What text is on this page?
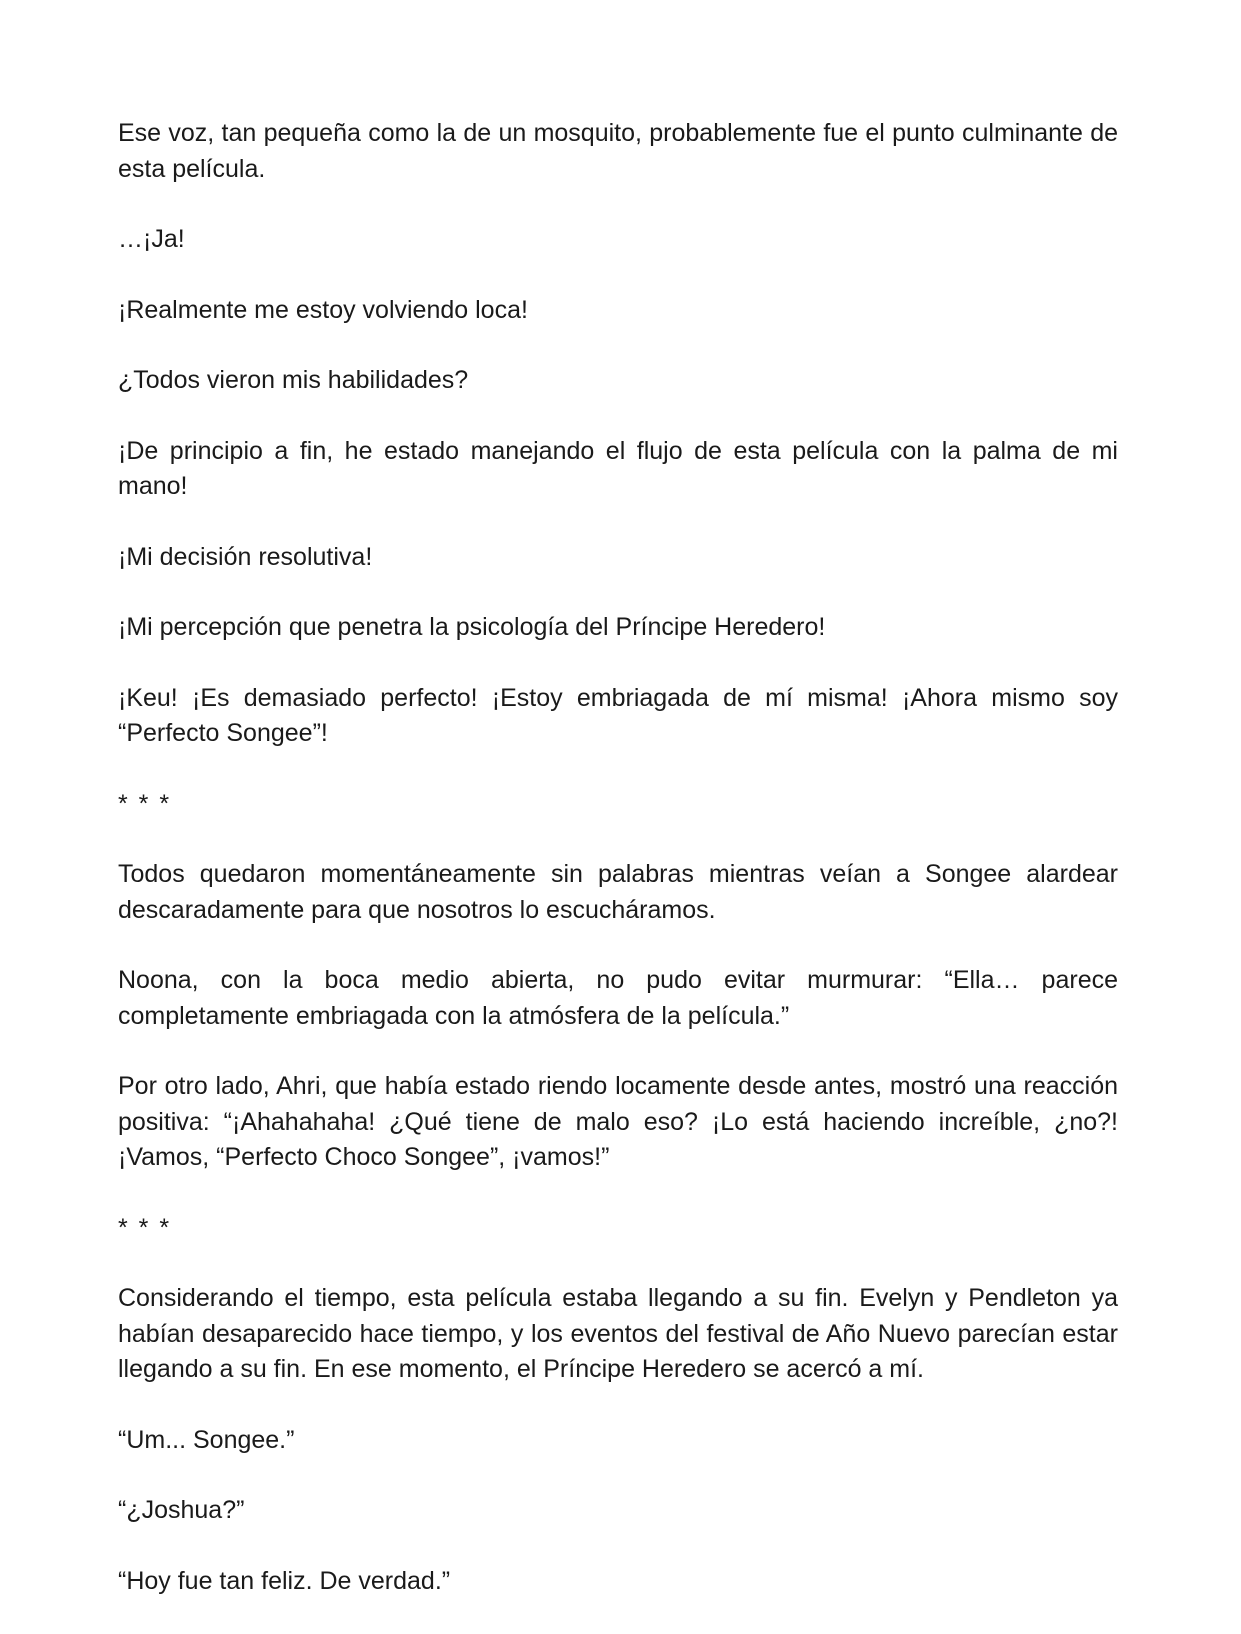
Ese voz, tan pequeña como la de un mosquito, probablemente fue el punto culminante de esta película.

…¡Ja!

¡Realmente me estoy volviendo loca!

¿Todos vieron mis habilidades?

¡De principio a fin, he estado manejando el flujo de esta película con la palma de mi mano!

¡Mi decisión resolutiva!

¡Mi percepción que penetra la psicología del Príncipe Heredero!

¡Keu! ¡Es demasiado perfecto! ¡Estoy embriagada de mí misma! ¡Ahora mismo soy “Perfecto Songee”!

* * *

Todos quedaron momentáneamente sin palabras mientras veían a Songee alardear descaradamente para que nosotros lo escucháramos.

Noona, con la boca medio abierta, no pudo evitar murmurar: “Ella… parece completamente embriagada con la atmósfera de la película.”

Por otro lado, Ahri, que había estado riendo locamente desde antes, mostró una reacción positiva: “¡Ahahahaha! ¿Qué tiene de malo eso? ¡Lo está haciendo increíble, ¿no?! ¡Vamos, “Perfecto Choco Songee”, ¡vamos!”

* * *

Considerando el tiempo, esta película estaba llegando a su fin. Evelyn y Pendleton ya habían desaparecido hace tiempo, y los eventos del festival de Año Nuevo parecían estar llegando a su fin. En ese momento, el Príncipe Heredero se acercó a mí.

“Um... Songee.”

“¿Joshua?”

“Hoy fue tan feliz. De verdad.”
